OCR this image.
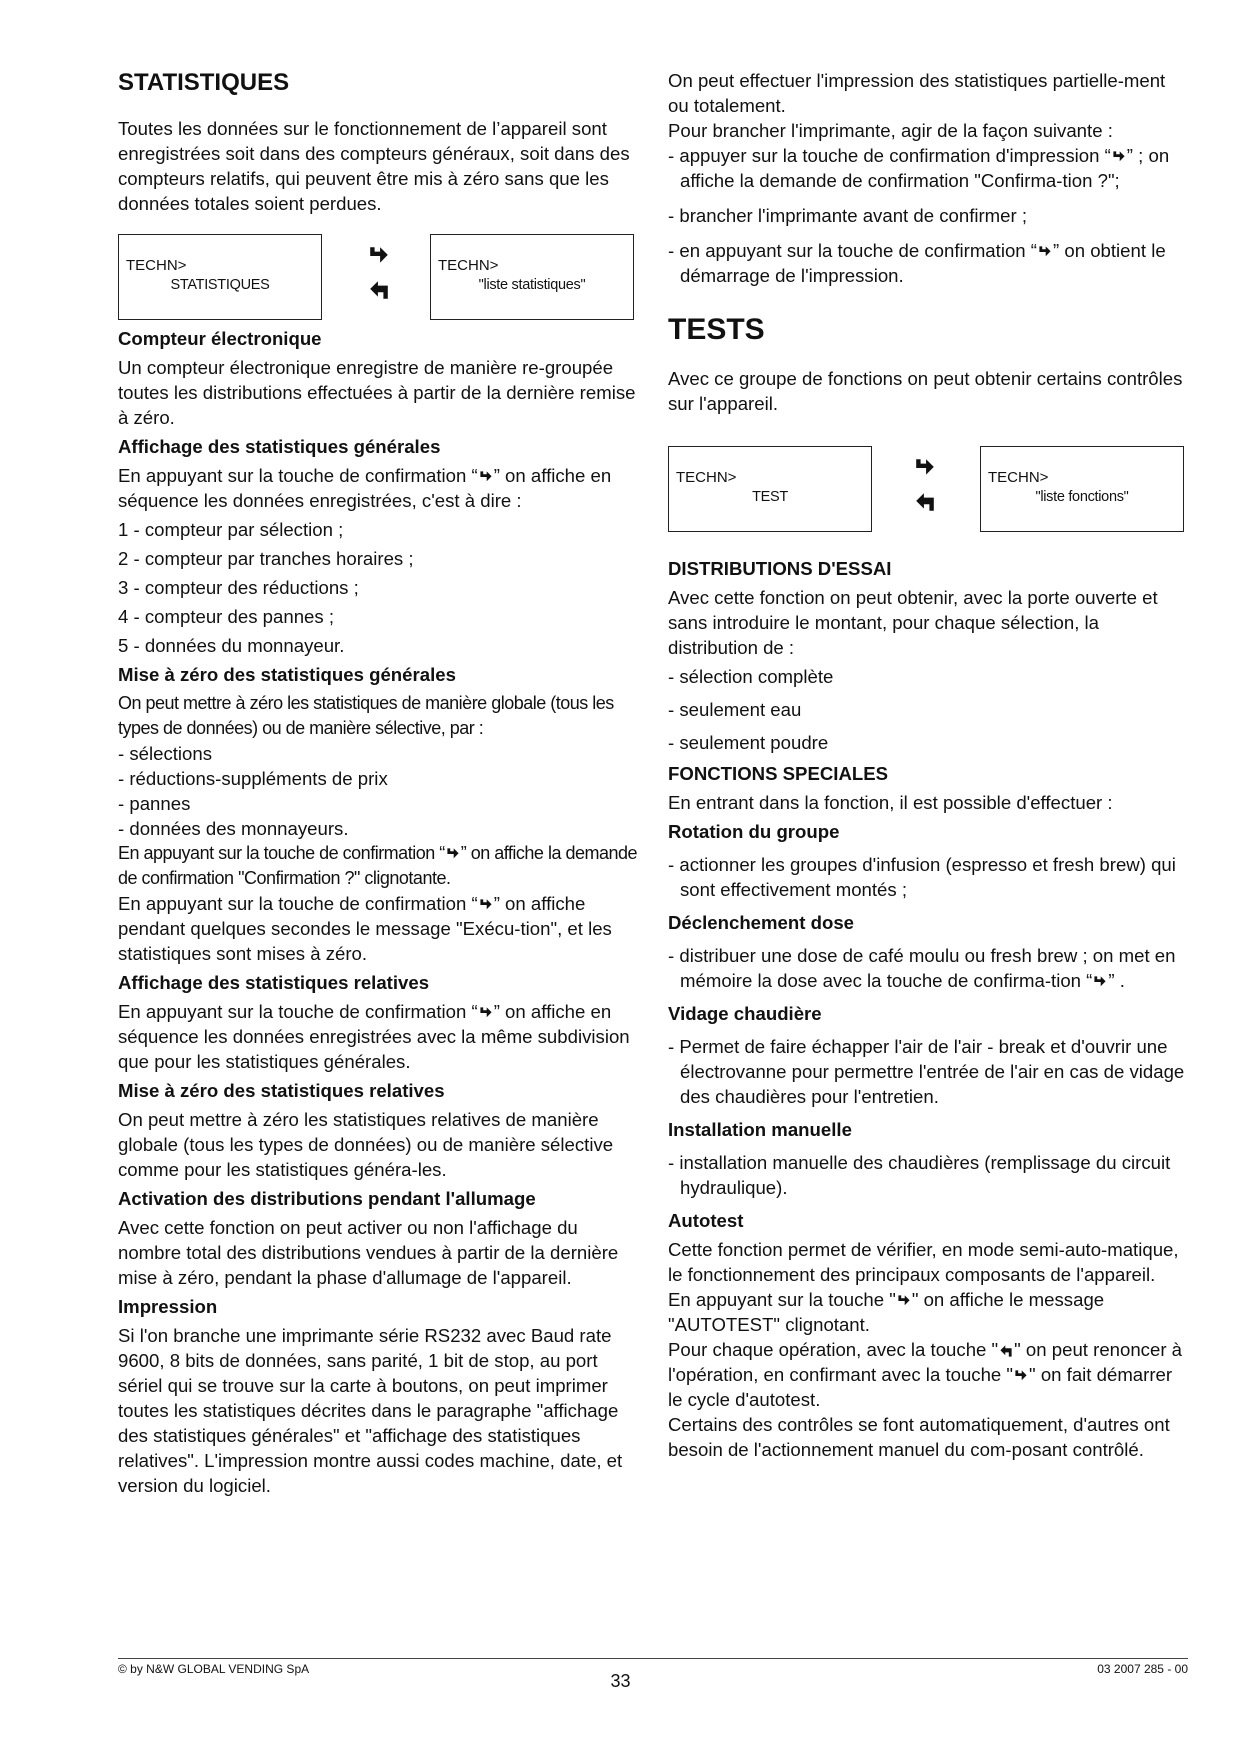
STATISTIQUES

Toutes les données sur le fonctionnement de l’appareil sont enregistrées soit dans des compteurs généraux, soit dans des compteurs relatifs, qui peuvent être mis à zéro sans que les données totales soient perdues.

TECHN>
STATISTIQUES
TECHN>
"liste statistiques"
Compteur électronique

Un compteur électronique enregistre de manière re-groupée toutes les distributions effectuées à partir de la dernière remise à zéro.

Affichage des statistiques générales

En appuyant sur la touche de confirmation “ ” on affiche en séquence les données enregistrées, c'est à dire :

1 - compteur par sélection ;

2 - compteur par tranches horaires ;

3 - compteur des réductions ;

4 - compteur des pannes ;

5 - données du monnayeur.

Mise à zéro des statistiques générales

On peut mettre à zéro les statistiques de manière globale (tous les types de données) ou de manière sélective, par :

- sélections

- réductions-suppléments de prix

- pannes

- données des monnayeurs.

En appuyant sur la touche de confirmation “ ” on affiche la demande de confirmation "Confirmation ?" clignotante.

En appuyant sur la touche de confirmation “ ” on affiche pendant quelques secondes le message "Exécu-tion", et les statistiques sont mises à zéro.

Affichage des statistiques relatives

En appuyant sur la touche de confirmation “ ” on affiche en séquence les données enregistrées avec la même subdivision que pour les statistiques générales.

Mise à zéro des statistiques relatives

On peut mettre à zéro les statistiques relatives de manière globale (tous les types de données) ou de manière sélective comme pour les statistiques généra-les.

Activation des distributions pendant l'allumage

Avec cette fonction on peut activer ou non l'affichage du nombre total des distributions vendues à partir de la dernière mise à zéro, pendant la phase d'allumage de l'appareil.

Impression

Si l'on branche une imprimante série RS232 avec Baud rate 9600, 8 bits de données, sans parité, 1 bit de stop, au port sériel qui se trouve sur la carte à boutons, on peut imprimer toutes les statistiques décrites dans le paragraphe "affichage des statistiques générales" et "affichage des statistiques relatives". L'impression montre aussi codes machine, date, et version du logiciel.

On peut effectuer l'impression des statistiques partielle-ment ou totalement.

Pour brancher l'imprimante, agir de la façon suivante :

- appuyer sur la touche de confirmation d'impression “ ” ; on affiche la demande de confirmation "Confirma-tion ?";

- brancher l'imprimante avant de confirmer ;

- en appuyant sur la touche de confirmation “ ” on obtient le démarrage de l'impression.

TESTS

Avec ce groupe de fonctions on peut obtenir certains contrôles sur l'appareil.

TECHN>
TEST
TECHN>
"liste fonctions"
DISTRIBUTIONS D'ESSAI

Avec cette fonction on peut obtenir, avec la porte ouverte et sans introduire le montant, pour chaque sélection, la distribution de :

- sélection complète

- seulement eau

- seulement poudre

FONCTIONS SPECIALES

En entrant dans la fonction, il est possible d'effectuer :

Rotation du groupe

- actionner les groupes d'infusion (espresso et fresh brew) qui sont effectivement montés ;

Déclenchement dose

- distribuer une dose de café moulu ou fresh brew ; on met en mémoire la dose avec la touche de confirma-tion “ ” .

Vidage chaudière

- Permet de faire échapper l'air de l'air - break et d'ouvrir une électrovanne pour permettre l'entrée de l'air en cas de vidage des chaudières pour l'entretien.

Installation manuelle

- installation manuelle des chaudières (remplissage du circuit hydraulique).

Autotest

Cette fonction permet de vérifier, en mode semi-auto-matique, le fonctionnement des principaux composants de l'appareil.

En appuyant sur la touche " " on affiche le message "AUTOTEST" clignotant.

Pour chaque opération, avec la touche " " on peut renoncer à l'opération, en confirmant avec la touche " " on fait démarrer le cycle d'autotest.

Certains des contrôles se font automatiquement, d'autres ont besoin de l'actionnement manuel du com-posant contrôlé.

© by N&W GLOBAL VENDING SpA
33
03 2007 285 - 00
